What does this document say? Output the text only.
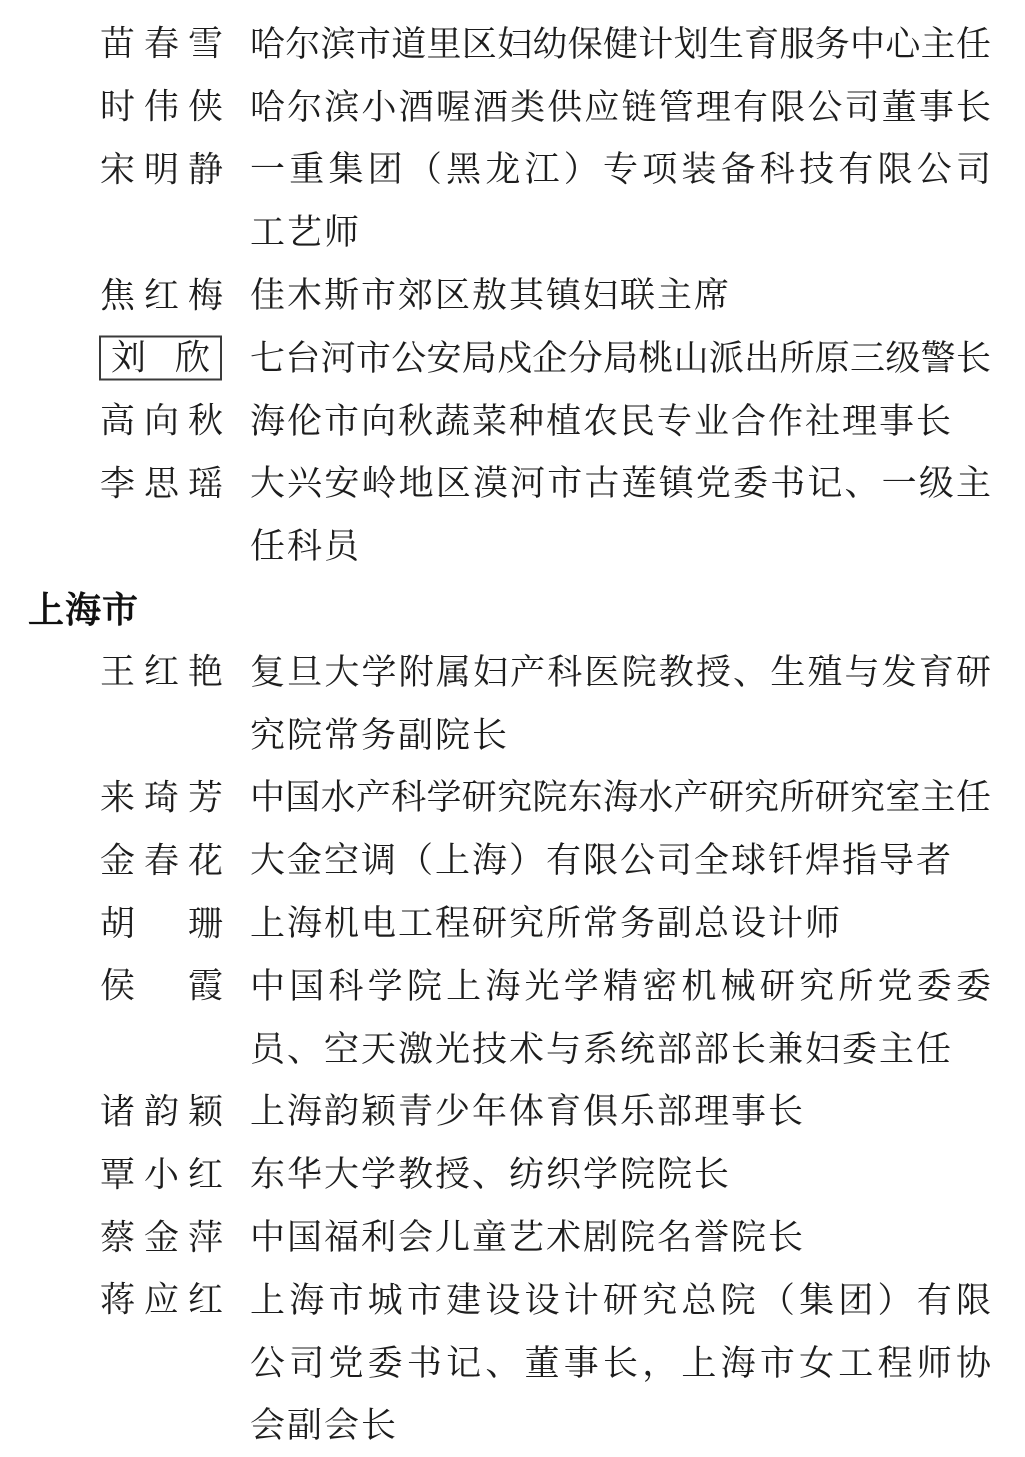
苗 春 雪 哈 尔 滨 市 道 里 区 妇 幼 保 健 计 划 生 育 服 务 中 心 主 任
时 伟 侠 哈 尔 滨 小 酒 喔 酒 类 供 应 链 管 理 有 限 公 司 董 事 长
宋 明 静 一 重 集 团 （ 黑 龙 江 ） 专 项 装 备 科 技 有 限 公 司
工艺师
焦 红 梅 佳木斯市郊区敖其镇妇联主席
刘 欣 七 台 河 市 公 安 局 戍 企 分 局 桃 山 派 出 所 原 三 级 警 长
高 向 秋 海伦市向秋蔬菜种植农民专业合作社理事长
李 思 瑶 大 兴 安 岭 地 区 漠 河 市 古 莲 镇 党 委 书 记 、 一 级 主
任科员
上海市
王 红 艳 复 旦 大 学 附 属 妇 产 科 医 院 教 授 、 生 殖 与 发 育 研
究院常务副院长
来 琦 芳 中 国 水 产 科 学 研 究 院 东 海 水 产 研 究 所 研 究 室 主 任
金 春 花 大金空调（上海）有限公司全球钎焊指导者
胡 珊 上海机电工程研究所常务副总设计师
侯 霞 中 国 科 学 院 上 海 光 学 精 密 机 械 研 究 所 党 委 委
员、空天激光技术与系统部部长兼妇委主任
诸 韵 颖 上海韵颖青少年体育俱乐部理事长
覃 小 红 东华大学教授、纺织学院院长
蔡 金 萍 中国福利会儿童艺术剧院名誉院长
蒋 应 红 上 海 市 城 市 建 设 设 计 研 究 总 院 （ 集 团 ） 有 限
公 司 党 委 书 记 、 董 事 长 ， 上 海 市 女 工 程 师 协
会副会长
